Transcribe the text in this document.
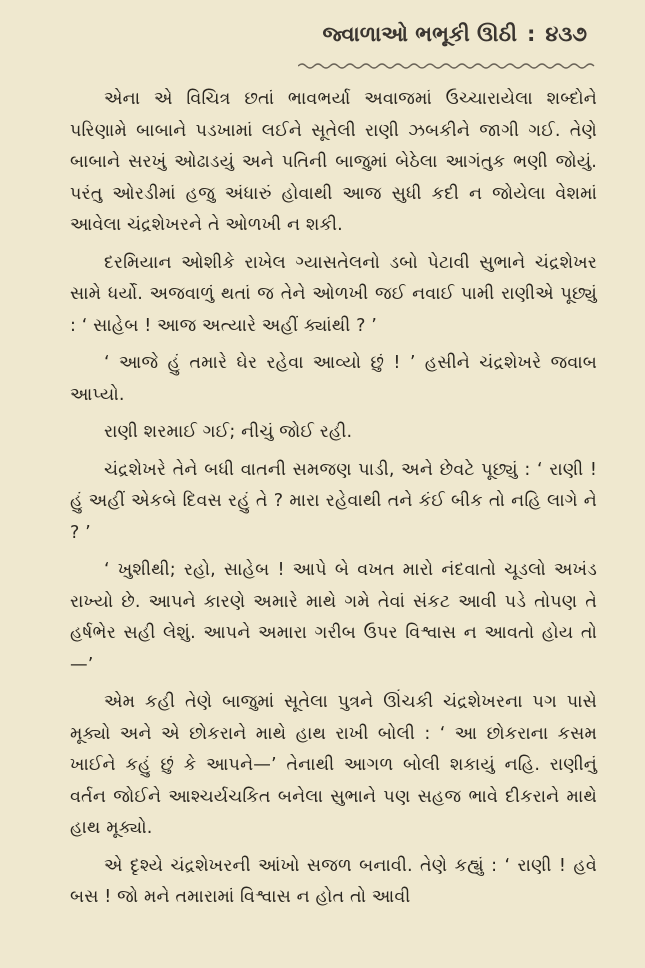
જ્વાળાઓ ભભૂકી ઊઠી : ૪૩૭

એના એ વિચિત્ર છતાં ભાવભર્યા અવાજમાં ઉચ્ચારાયેલા શબ્દોને પરિણામે બાબાને પડખામાં લઈને સૂતેલી રાણી ઝબકીને જાગી ગઈ. તેણે બાબાને સરખું ઓઢાડયું અને પતિની બાજુમાં બેઠેલા આગંતુક ભણી જોયું. પરંતુ ઓરડીમાં હજુ અંધારું હોવાથી આજ સુધી કદી ન જોયેલા વેશમાં આવેલા ચંદ્રશેખરને તે ઓળખી ન શકી.

દરમિયાન ઓશીકે રાખેલ ગ્યાસતેલનો ડબો પેટાવી સુભાને ચંદ્રશેખર સામે ધર્યો. અજવાળું થતાં જ તેને ઓળખી જઈ નવાઈ પામી રાણીએ પૂછ્યું : ‘ સાહેબ ! આજ અત્યારે અહીં ક્યાંથી ? ’

‘ આજે હું તમારે ઘેર રહેવા આવ્યો છું ! ’ હસીને ચંદ્રશેખરે જવાબ આપ્યો.

રાણી શરમાઈ ગઈ; નીચું જોઈ રહી.

ચંદ્રશેખરે તેને બધી વાતની સમજણ પાડી, અને છેવટે પૂછ્યું : ‘ રાણી ! હું અહીં એકબે દિવસ રહું તે ? મારા રહેવાથી તને કંઈ બીક તો નહિ લાગે ને ? ’

‘ ખુશીથી; રહો, સાહેબ ! આપે બે વખત મારો નંદવાતો ચૂડલો અખંડ રાખ્યો છે. આપને કારણે અમારે માથે ગમે તેવાં સંકટ આવી પડે તોપણ તે હર્ષભેર સહી લેશું. આપને અમારા ગરીબ ઉપર વિશ્વાસ ન આવતો હોય તો—’

એમ કહી તેણે બાજુમાં સૂતેલા પુત્રને ઊંચકી ચંદ્રશેખરના પગ પાસે મૂક્યો અને એ છોકરાને માથે હાથ રાખી બોલી : ‘ આ છોકરાના કસમ ખાઈને કહું છું કે આપને—’ તેનાથી આગળ બોલી શકાયું નહિ. રાણીનું વર્તન જોઈને આશ્ચર્યચકિત બનેલા સુભાને પણ સહજ ભાવે દીકરાને માથે હાથ મૂક્યો.

એ દૃશ્યે ચંદ્રશેખરની આંખો સજળ બનાવી. તેણે કહ્યું : ‘ રાણી ! હવે બસ ! જો મને તમારામાં વિશ્વાસ ન હોત તો આવી
